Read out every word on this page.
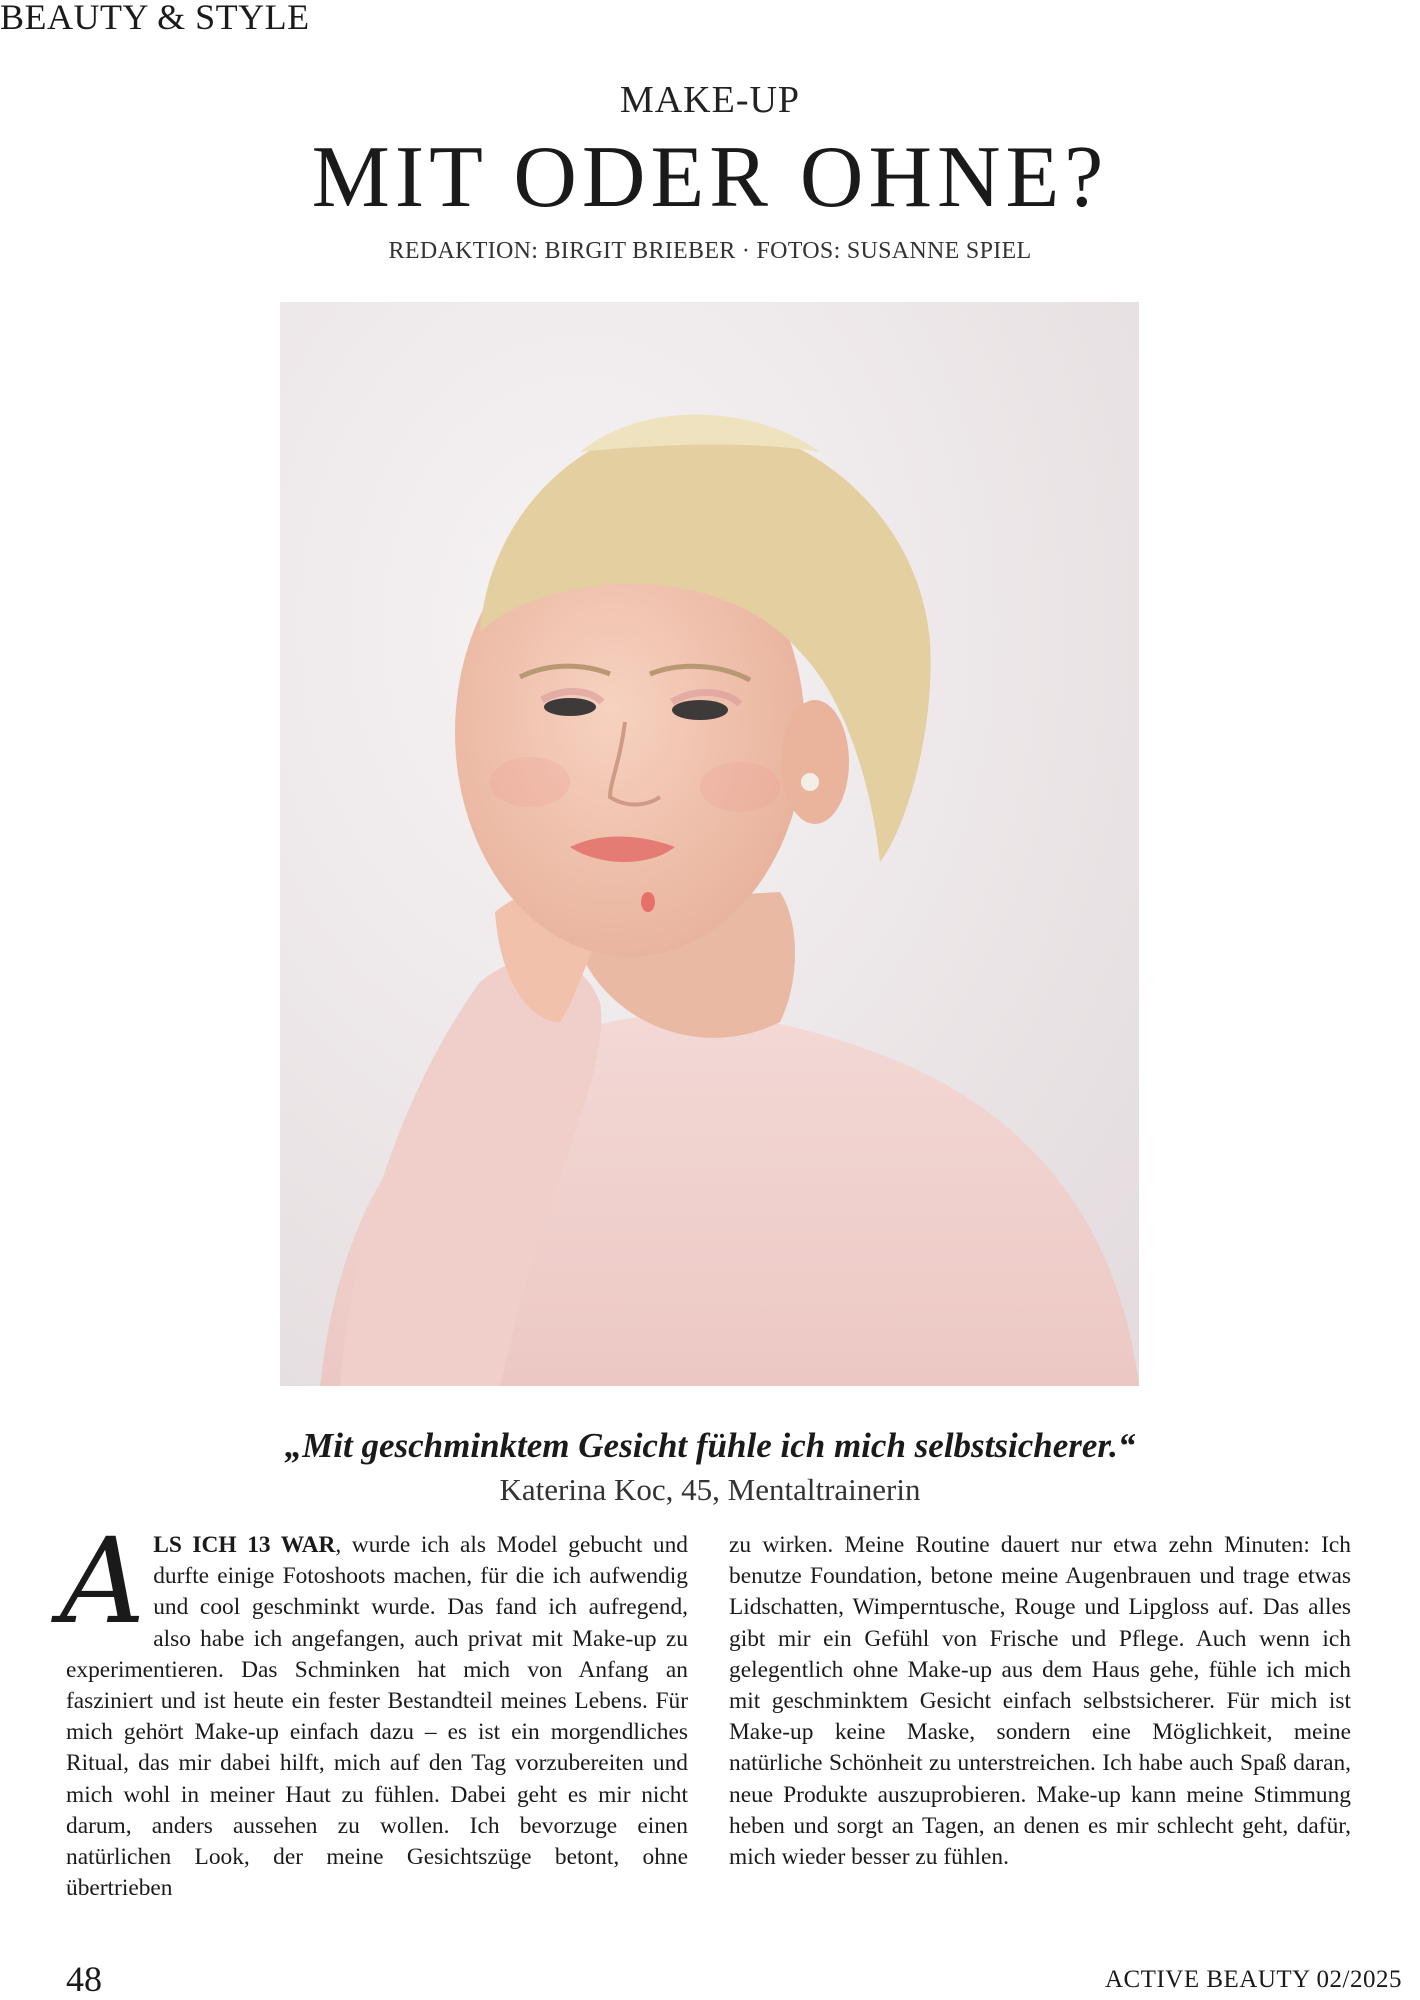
BEAUTY & STYLE
MAKE-UP
MIT ODER OHNE?
REDAKTION: BIRGIT BRIEBER · FOTOS: SUSANNE SPIEL
„Mit geschminktem Gesicht fühle ich mich selbstsicherer.“
Katerina Koc, 45, Mentaltrainerin
ALS ICH 13 WAR, wurde ich als Model gebucht und durfte einige Fotoshoots machen, für die ich aufwendig und cool geschminkt wurde. Das fand ich aufregend, also habe ich angefangen, auch privat mit Make-up zu experimentieren. Das Schminken hat mich von Anfang an fasziniert und ist heute ein fester Bestandteil meines Lebens. Für mich gehört Make-up einfach dazu – es ist ein morgendliches Ritual, das mir dabei hilft, mich auf den Tag vorzubereiten und mich wohl in meiner Haut zu fühlen. Dabei geht es mir nicht darum, anders aussehen zu wollen. Ich bevorzuge einen natürlichen Look, der meine Gesichtszüge betont, ohne übertrieben
zu wirken. Meine Routine dauert nur etwa zehn Minuten: Ich benutze Foundation, betone meine Augenbrauen und trage etwas Lidschatten, Wimperntusche, Rouge und Lipgloss auf. Das alles gibt mir ein Gefühl von Frische und Pflege. Auch wenn ich gelegentlich ohne Make-up aus dem Haus gehe, fühle ich mich mit geschminktem Gesicht einfach selbstsicherer. Für mich ist Make-up keine Maske, sondern eine Möglichkeit, meine natürliche Schönheit zu unterstreichen. Ich habe auch Spaß daran, neue Produkte auszuprobieren. Make-up kann meine Stimmung heben und sorgt an Tagen, an denen es mir schlecht geht, dafür, mich wieder besser zu fühlen.
48	ACTIVE BEAUTY 02/2025
